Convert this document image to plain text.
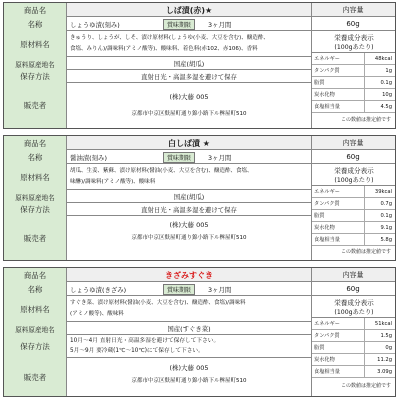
商品名	しば漬(赤)★	内容量
名称	しょうゆ漬(刻み)	賞味期限	3ヶ月間	60g
原材料名
きゅうり、しょうが、しそ、漬け原材料(しょうゆ(小麦、大豆を含む)、醸造酢、
食塩、みりん)/調味料(アミノ酸等)、酸味料、着色料(赤102、赤106)、香料
原料原産地名	国産(胡瓜)
保存方法	直射日光・高温多湿を避けて保存
販売者
(株)大藤 005
京都市中京区麩屋町通り錦小路下ル桝屋町510
栄養成分表示
(100gあたり)
エネルギー	48kcal
タンパク質	1g
脂質	0.1g
炭水化物	10g
食塩相当量	4.5g
この数値は推定値です
商品名	白しば漬 ★	内容量
名称	醤油漬(刻み)	賞味期限	3ヶ月間	60g
原材料名
胡瓜、生姜、紫蘇、漬け原材料(醤油(小麦、大豆を含む)、醸造酢、食塩、
味醂)/調味料(アミノ酸等)、酸味料
原料原産地名	国産(胡瓜)
保存方法	直射日光・高温多湿を避けて保存
販売者
(株)大藤 005
京都市中京区麩屋町通り錦小路下ル桝屋町510
栄養成分表示
(100gあたり)
エネルギー	39kcal
タンパク質	0.7g
脂質	0.1g
炭水化物	9.1g
食塩相当量	5.8g
この数値は推定値です
商品名	きざみすぐき	内容量
名称	しょうゆ漬(きざみ)	賞味期限	3ヶ月間	60g
原材料名
すぐき菜、漬け原材料(醤油(小麦、大豆を含む)、醸造酢、食塩)/調味料
(アミノ酸等)、酸味料
原料原産地名	国産(すぐき菜)
保存方法
10月～4月 直射日光・高温多湿を避けて保存して下さい。
5月～9月 要冷蔵(1℃～10℃)にて保存して下さい。
販売者
(株)大藤 005
京都市中京区麩屋町通り錦小路下ル桝屋町510
栄養成分表示
(100gあたり)
エネルギー	51kcal
タンパク質	1.5g
脂質	0g
炭水化物	11.2g
食塩相当量	3.09g
この数値は推定値です
